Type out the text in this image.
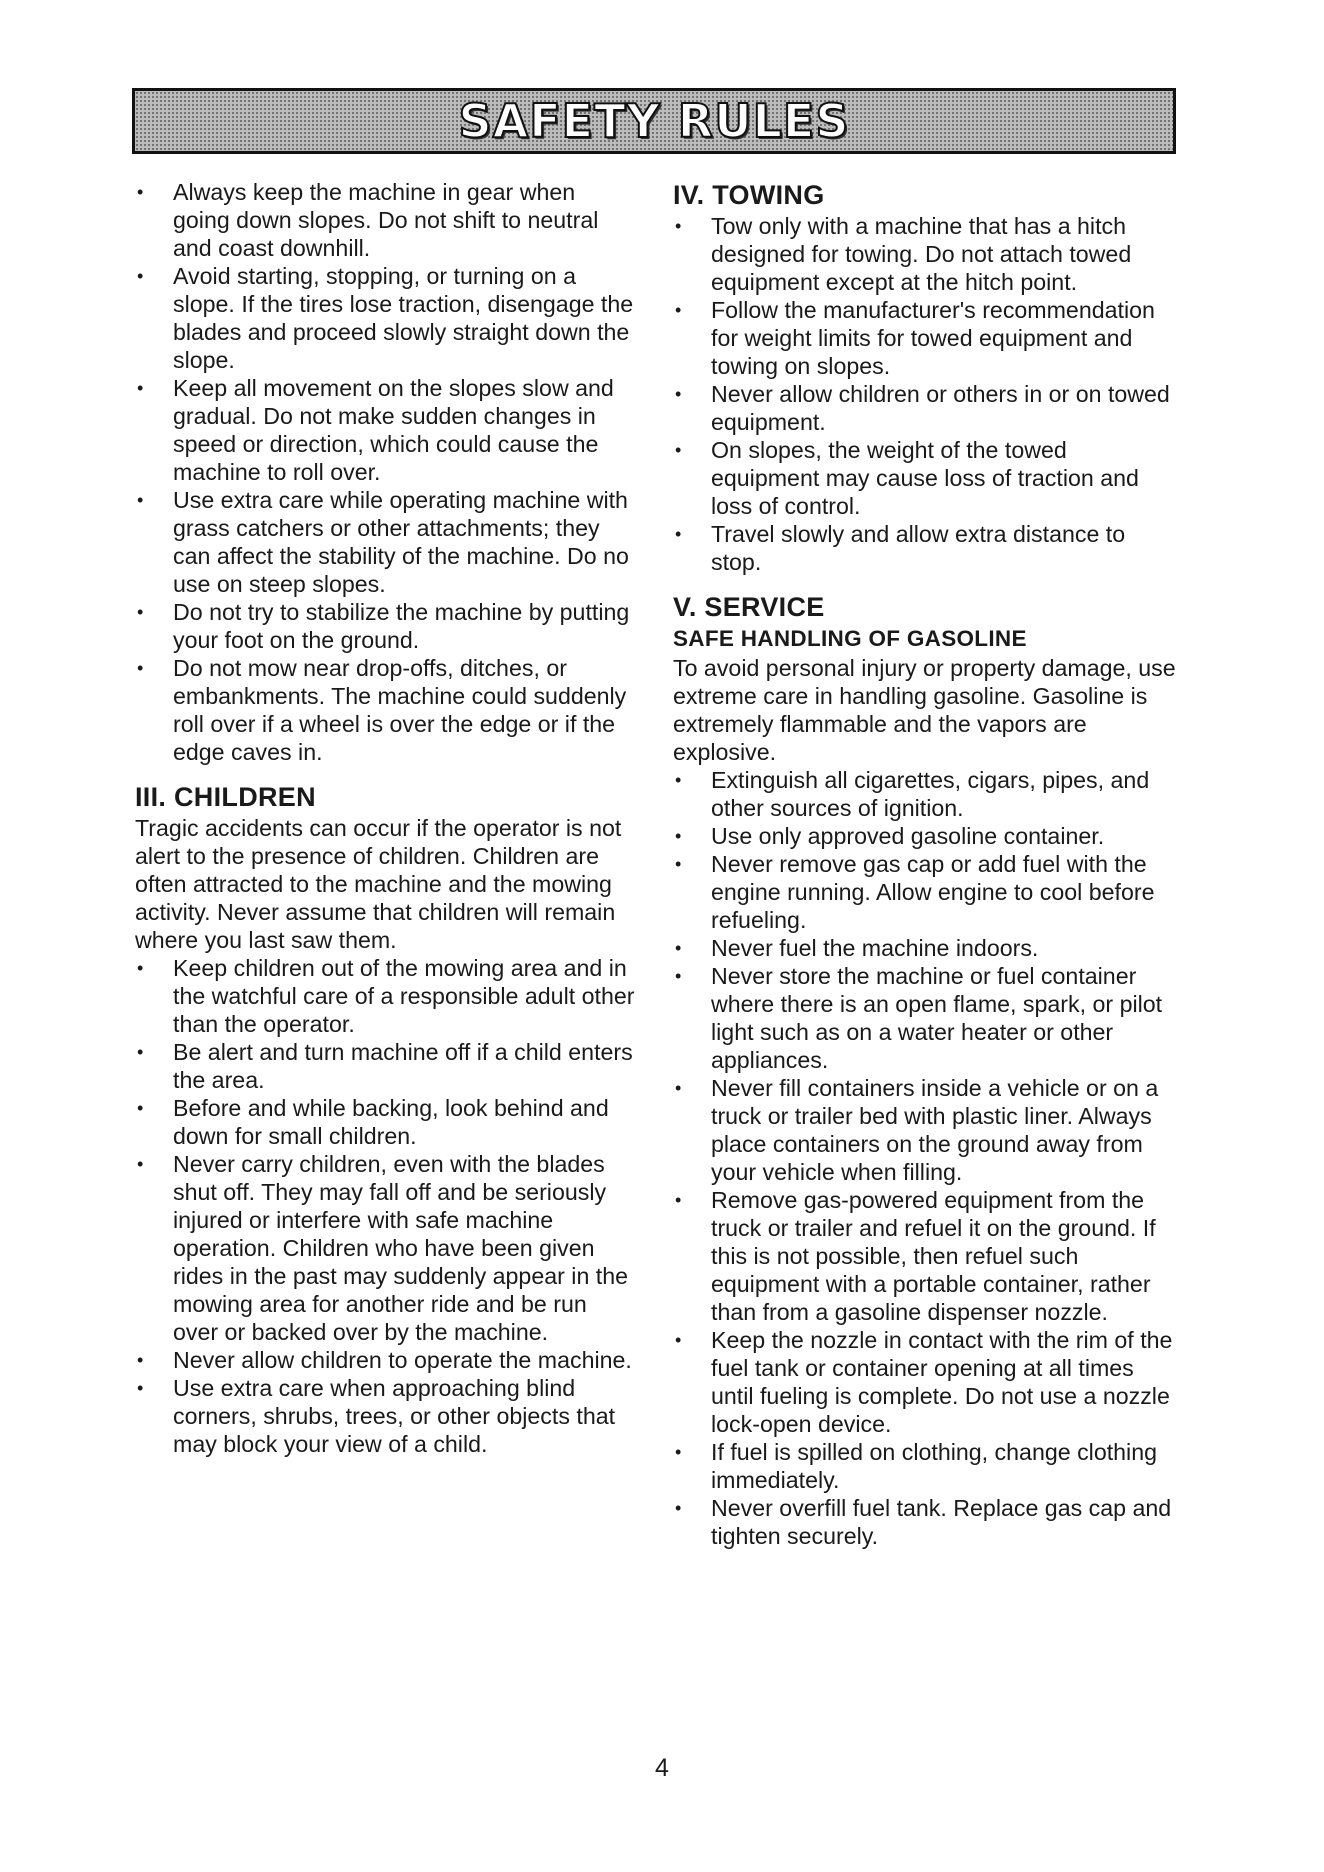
SAFETY RULES
• Always keep the machine in gear when going down slopes. Do not shift to neutral and coast downhill.
• Avoid starting, stopping, or turning on a slope. If the tires lose traction, disengage the blades and proceed slowly straight down the slope.
• Keep all movement on the slopes slow and gradual. Do not make sudden changes in speed or direction, which could cause the machine to roll over.
• Use extra care while operating machine with grass catchers or other attachments; they can affect the stability of the machine. Do no use on steep slopes.
• Do not try to stabilize the machine by putting your foot on the ground.
• Do not mow near drop-offs, ditches, or embankments. The machine could suddenly roll over if a wheel is over the edge or if the edge caves in.
III. CHILDREN

Tragic accidents can occur if the operator is not alert to the presence of children. Children are often attracted to the machine and the mowing activity. Never assume that children will remain where you last saw them.

• Keep children out of the mowing area and in the watchful care of a responsible adult other than the operator.
• Be alert and turn machine off if a child enters the area.
• Before and while backing, look behind and down for small children.
• Never carry children, even with the blades shut off. They may fall off and be seriously injured or interfere with safe machine operation. Children who have been given rides in the past may suddenly appear in the mowing area for another ride and be run over or backed over by the machine.
• Never allow children to operate the machine.
• Use extra care when approaching blind corners, shrubs, trees, or other objects that may block your view of a child.
IV. TOWING
• Tow only with a machine that has a hitch designed for towing. Do not attach towed equipment except at the hitch point.
• Follow the manufacturer's recommendation for weight limits for towed equipment and towing on slopes.
• Never allow children or others in or on towed equipment.
• On slopes, the weight of the towed equipment may cause loss of traction and loss of control.
• Travel slowly and allow extra distance to stop.
V. SERVICE
SAFE HANDLING OF GASOLINE

To avoid personal injury or property damage, use extreme care in handling gasoline. Gasoline is extremely flammable and the vapors are explosive.

• Extinguish all cigarettes, cigars, pipes, and other sources of ignition.
• Use only approved gasoline container.
• Never remove gas cap or add fuel with the engine running. Allow engine to cool before refueling.
• Never fuel the machine indoors.
• Never store the machine or fuel container where there is an open flame, spark, or pilot light such as on a water heater or other appliances.
• Never fill containers inside a vehicle or on a truck or trailer bed with plastic liner. Always place containers on the ground away from your vehicle when filling.
• Remove gas-powered equipment from the truck or trailer and refuel it on the ground. If this is not possible, then refuel such equipment with a portable container, rather than from a gasoline dispenser nozzle.
• Keep the nozzle in contact with the rim of the fuel tank or container opening at all times until fueling is complete. Do not use a nozzle lock-open device.
• If fuel is spilled on clothing, change clothing immediately.
• Never overfill fuel tank. Replace gas cap and tighten securely.
4
